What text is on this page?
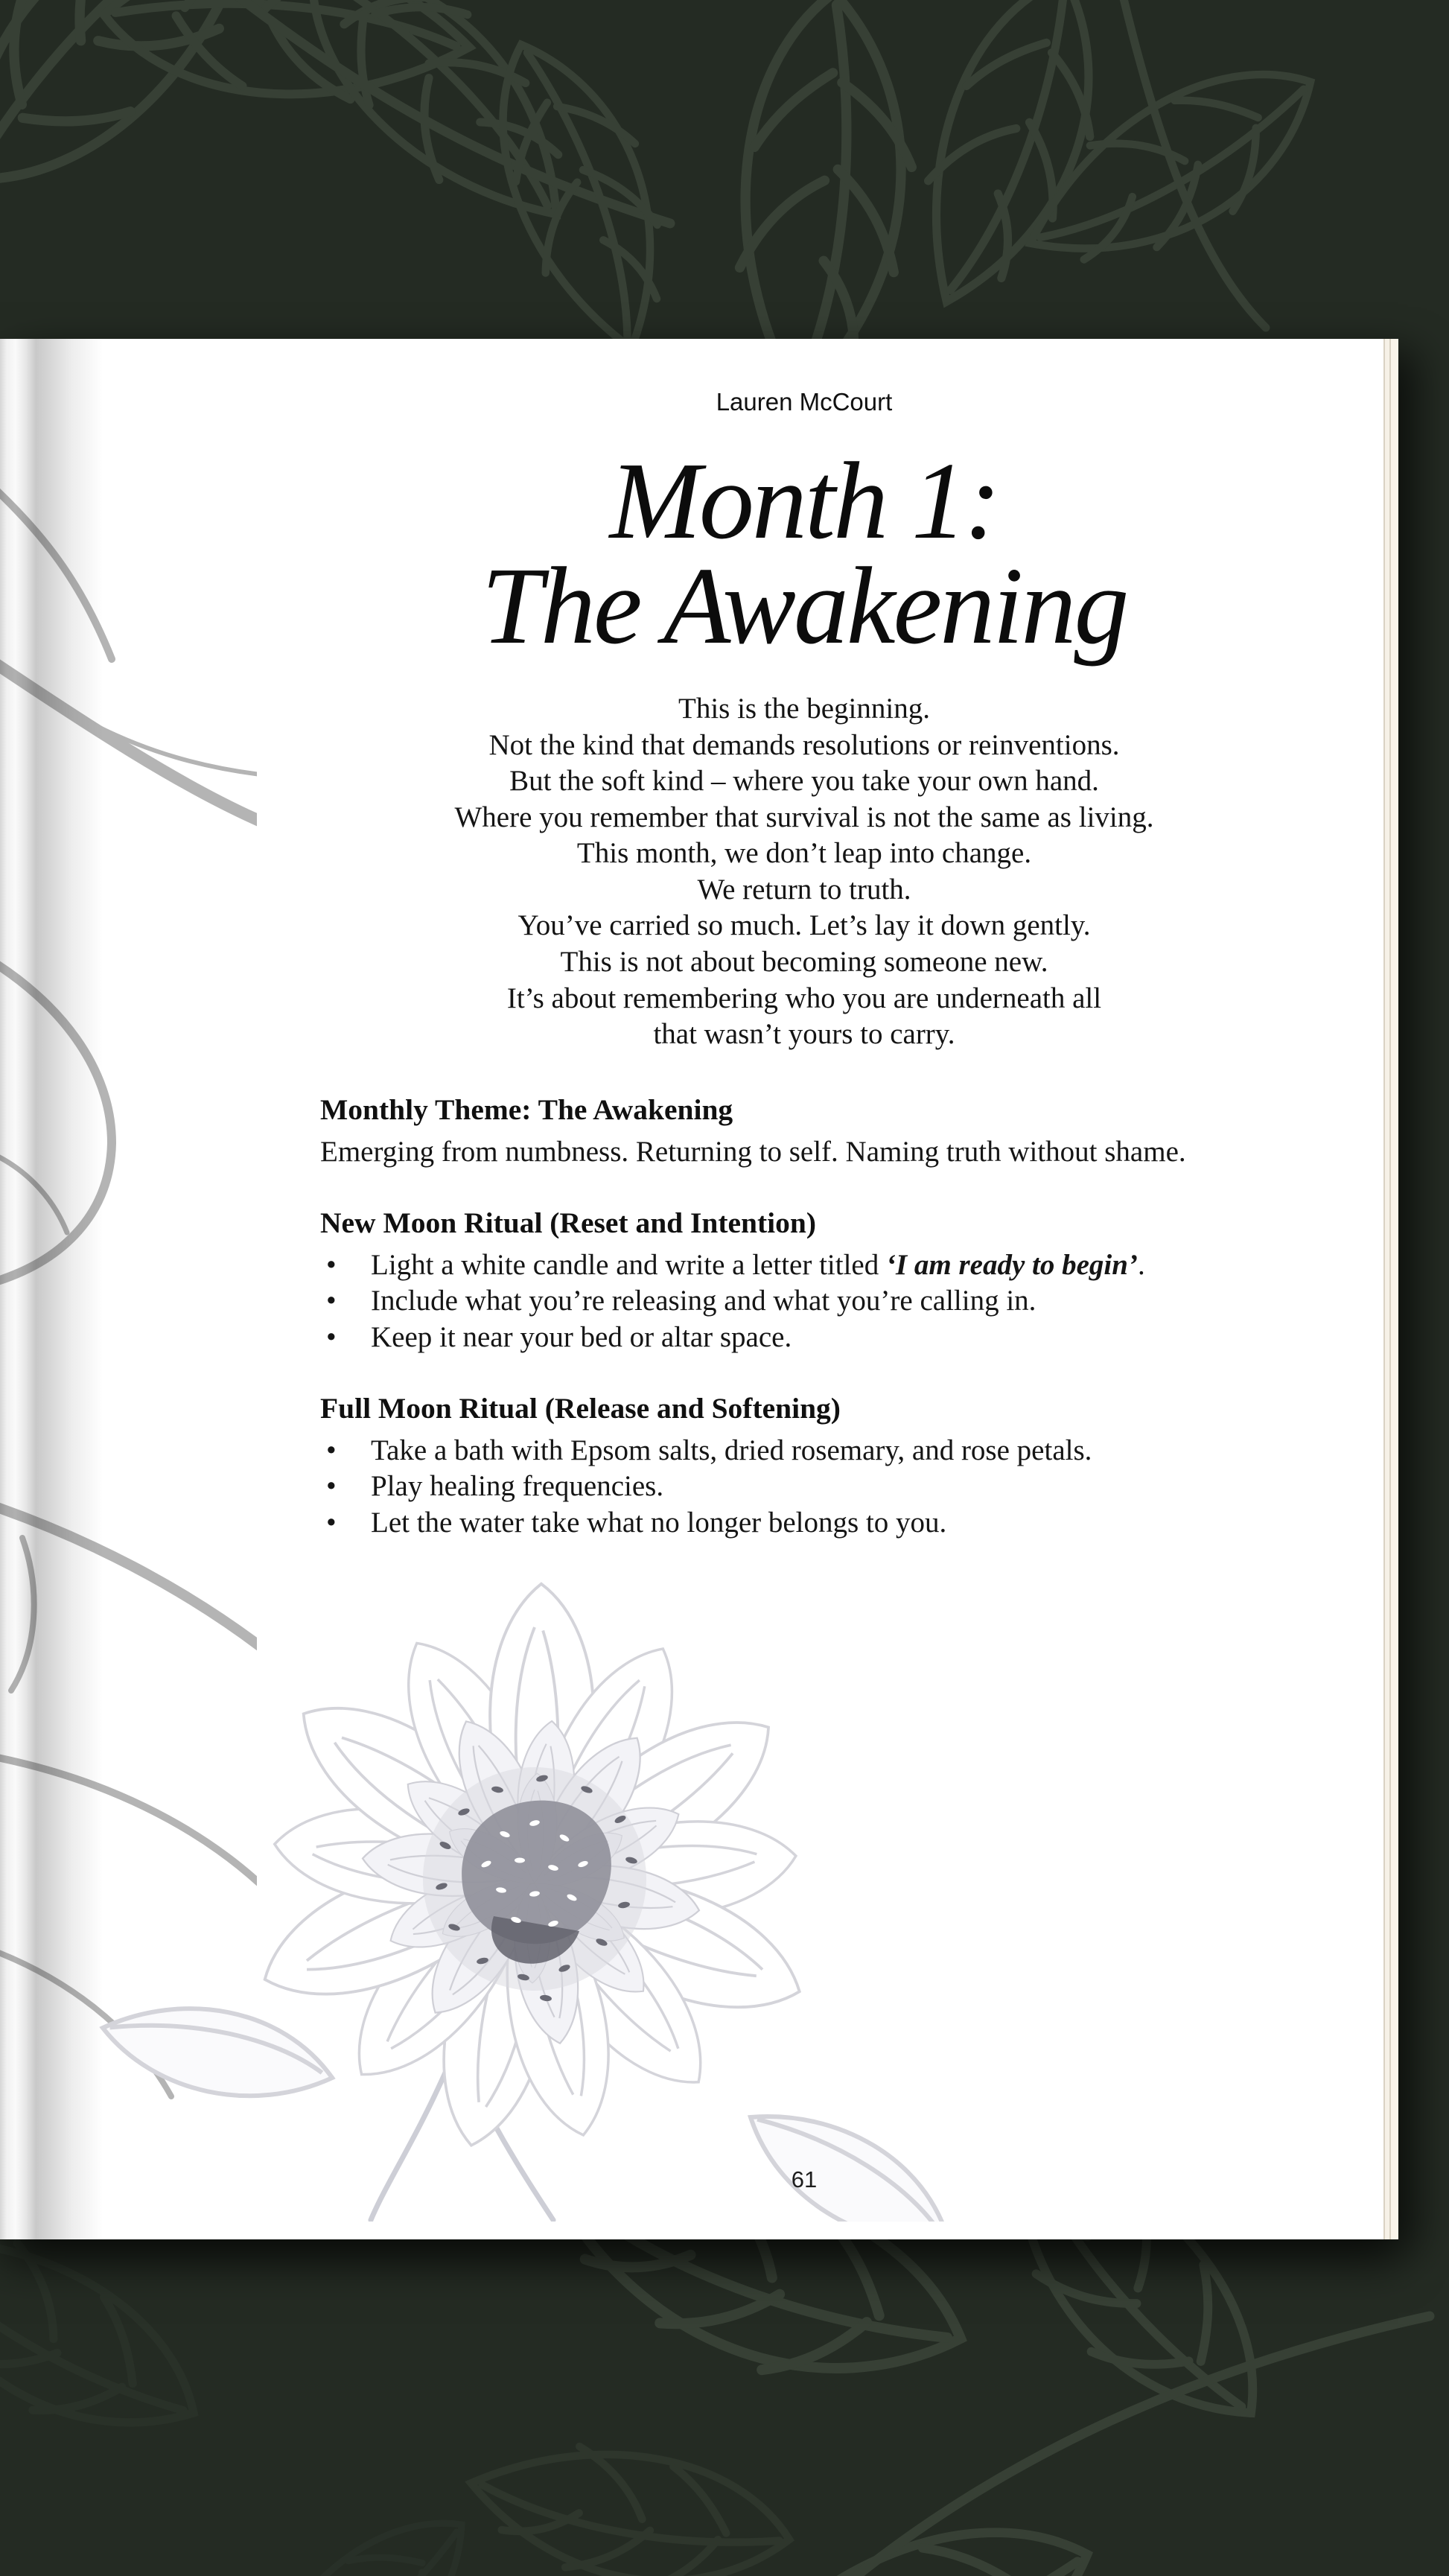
Lauren McCourt
Month 1:
The Awakening
This is the beginning.
Not the kind that demands resolutions or reinventions.
But the soft kind – where you take your own hand.
Where you remember that survival is not the same as living.
This month, we don’t leap into change.
We return to truth.
You’ve carried so much. Let’s lay it down gently.
This is not about becoming someone new.
It’s about remembering who you are underneath all
that wasn’t yours to carry.
Monthly Theme: The Awakening

Emerging from numbness. Returning to self. Naming truth without shame.

New Moon Ritual (Reset and Intention)
• Light a white candle and write a letter titled ‘I am ready to begin’.
• Include what you’re releasing and what you’re calling in.
• Keep it near your bed or altar space.
Full Moon Ritual (Release and Softening)
• Take a bath with Epsom salts, dried rosemary, and rose petals.
• Play healing frequencies.
• Let the water take what no longer belongs to you.
61
